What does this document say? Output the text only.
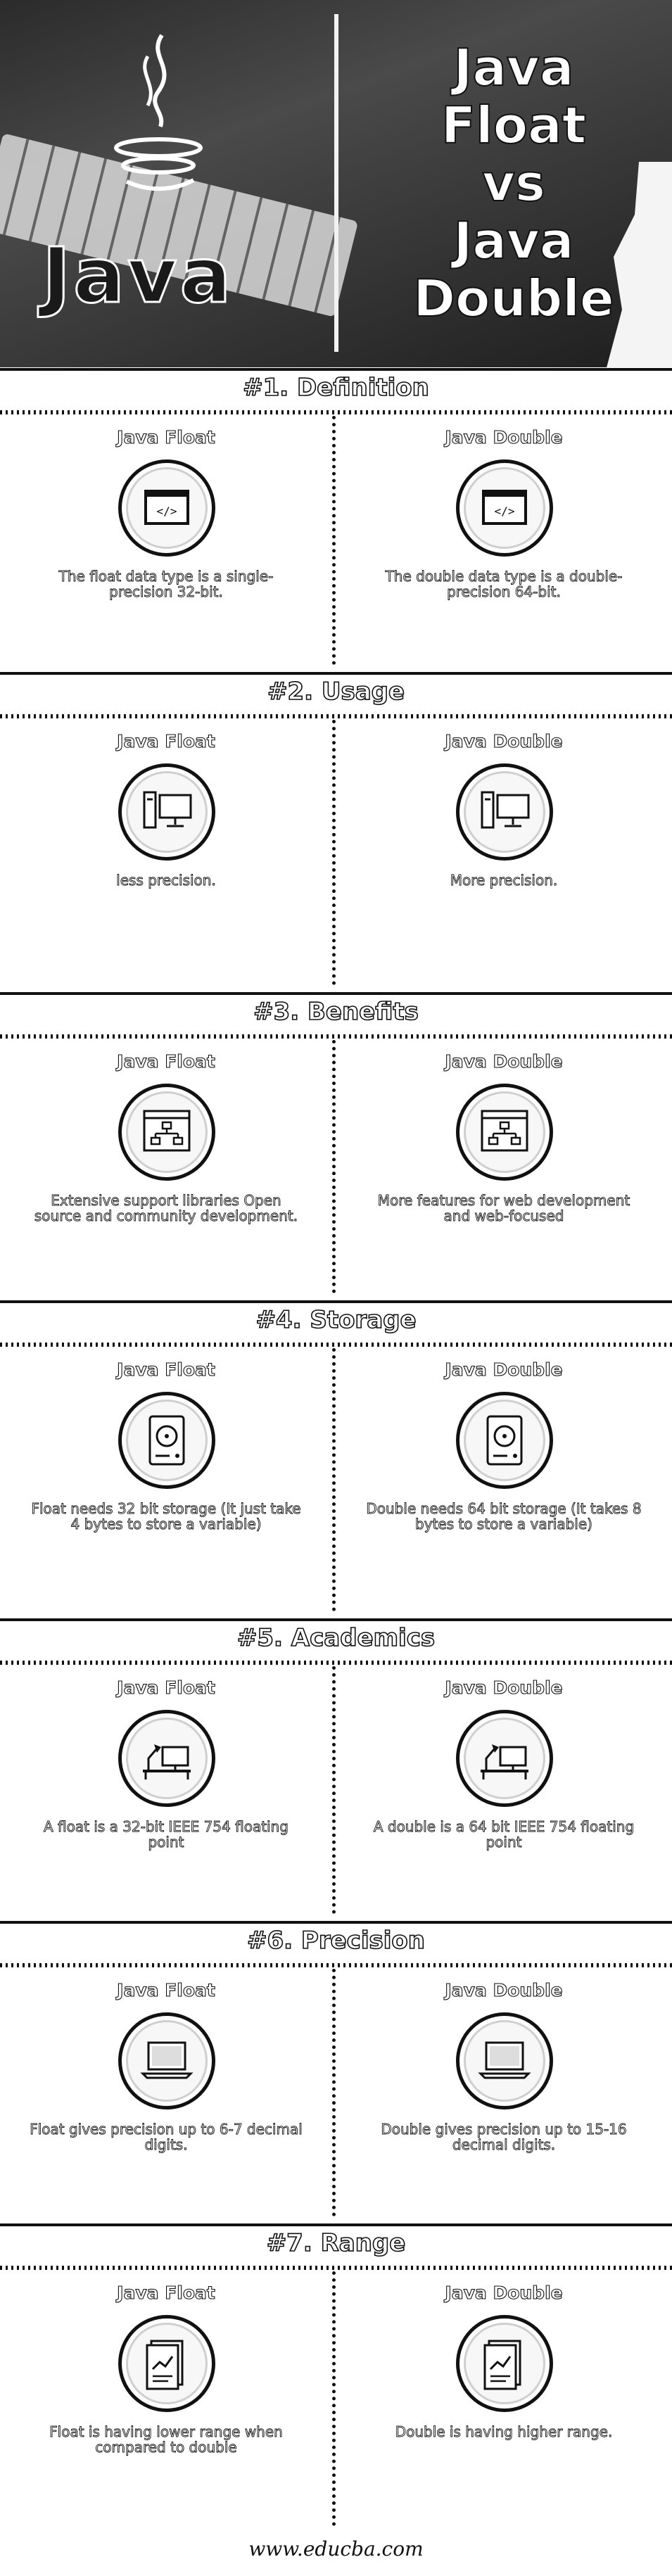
Java
Java
Float
vs
Java
Double
#1. Definition
Java Float
</>
The float data type is a single-precision 32-bit.
Java Double
</>
The double data type is a double-precision 64-bit.
#2. Usage
Java Float
less precision.
Java Double
More precision.
#3. Benefits
Java Float
Extensive support libraries Open source and community development.
Java Double
More features for web development and web-focused
#4. Storage
Java Float
Float needs 32 bit storage (It just take 4 bytes to store a variable)
Java Double
Double needs 64 bit storage (It takes 8 bytes to store a variable)
#5. Academics
Java Float
A float is a 32-bit IEEE 754 floating point
Java Double
A double is a 64 bit IEEE 754 floating point
#6. Precision
Java Float
Float gives precision up to 6-7 decimal digits.
Java Double
Double gives precision up to 15-16 decimal digits.
#7. Range
Java Float
Float is having lower range when compared to double
Java Double
Double is having higher range.
www.educba.com
